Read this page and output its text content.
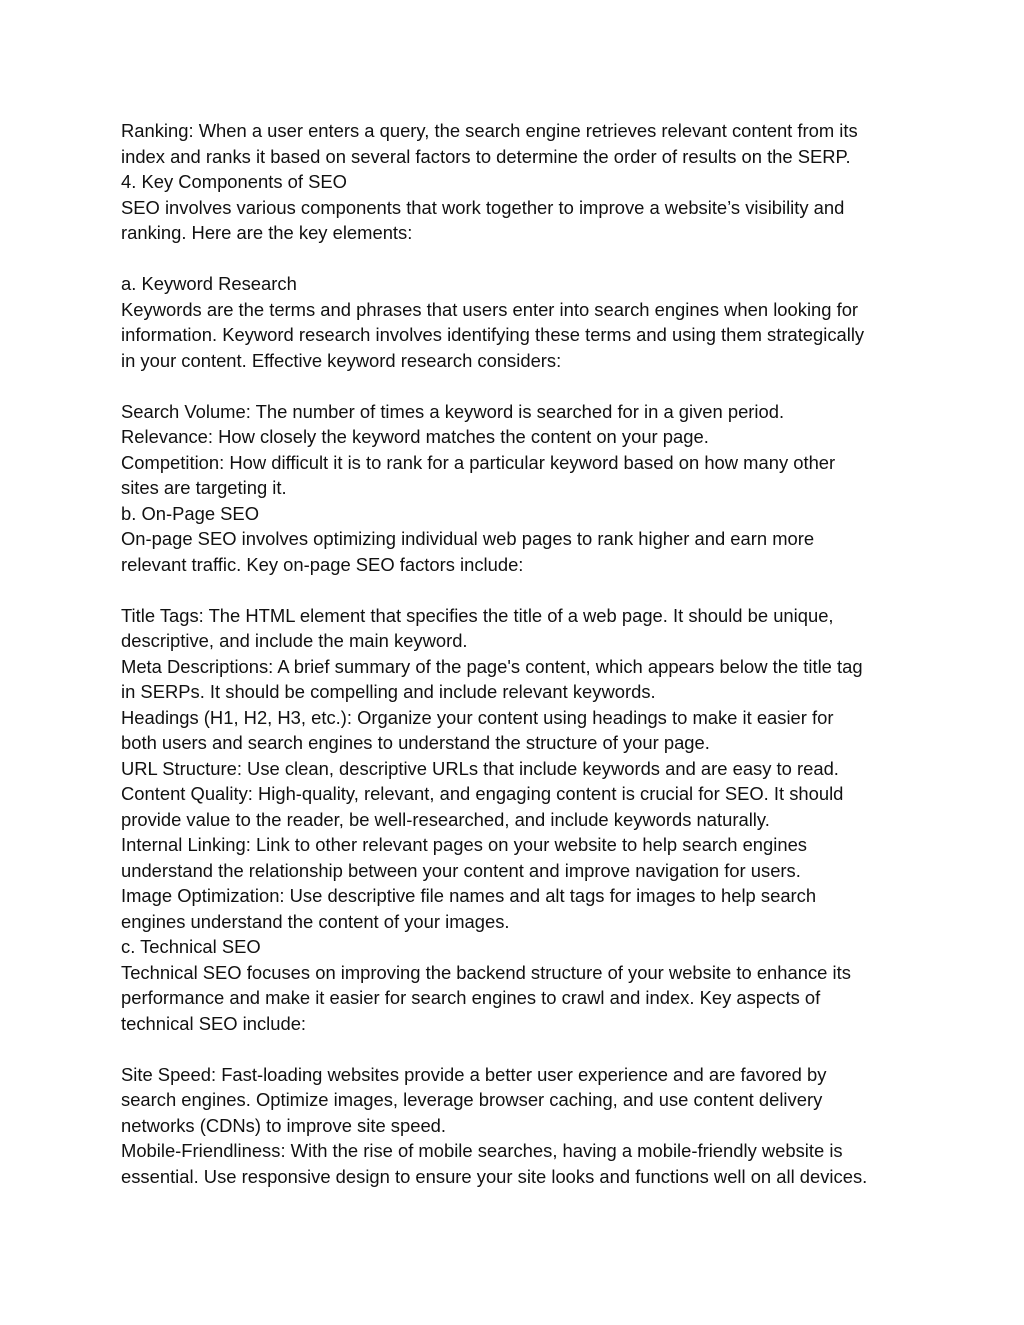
Ranking: When a user enters a query, the search engine retrieves relevant content from its
index and ranks it based on several factors to determine the order of results on the SERP.
4. Key Components of SEO
SEO involves various components that work together to improve a website’s visibility and
ranking. Here are the key elements:
a. Keyword Research
Keywords are the terms and phrases that users enter into search engines when looking for
information. Keyword research involves identifying these terms and using them strategically
in your content. Effective keyword research considers:
Search Volume: The number of times a keyword is searched for in a given period.
Relevance: How closely the keyword matches the content on your page.
Competition: How difficult it is to rank for a particular keyword based on how many other
sites are targeting it.
b. On-Page SEO
On-page SEO involves optimizing individual web pages to rank higher and earn more
relevant traffic. Key on-page SEO factors include:
Title Tags: The HTML element that specifies the title of a web page. It should be unique,
descriptive, and include the main keyword.
Meta Descriptions: A brief summary of the page's content, which appears below the title tag
in SERPs. It should be compelling and include relevant keywords.
Headings (H1, H2, H3, etc.): Organize your content using headings to make it easier for
both users and search engines to understand the structure of your page.
URL Structure: Use clean, descriptive URLs that include keywords and are easy to read.
Content Quality: High-quality, relevant, and engaging content is crucial for SEO. It should
provide value to the reader, be well-researched, and include keywords naturally.
Internal Linking: Link to other relevant pages on your website to help search engines
understand the relationship between your content and improve navigation for users.
Image Optimization: Use descriptive file names and alt tags for images to help search
engines understand the content of your images.
c. Technical SEO
Technical SEO focuses on improving the backend structure of your website to enhance its
performance and make it easier for search engines to crawl and index. Key aspects of
technical SEO include:
Site Speed: Fast-loading websites provide a better user experience and are favored by
search engines. Optimize images, leverage browser caching, and use content delivery
networks (CDNs) to improve site speed.
Mobile-Friendliness: With the rise of mobile searches, having a mobile-friendly website is
essential. Use responsive design to ensure your site looks and functions well on all devices.
